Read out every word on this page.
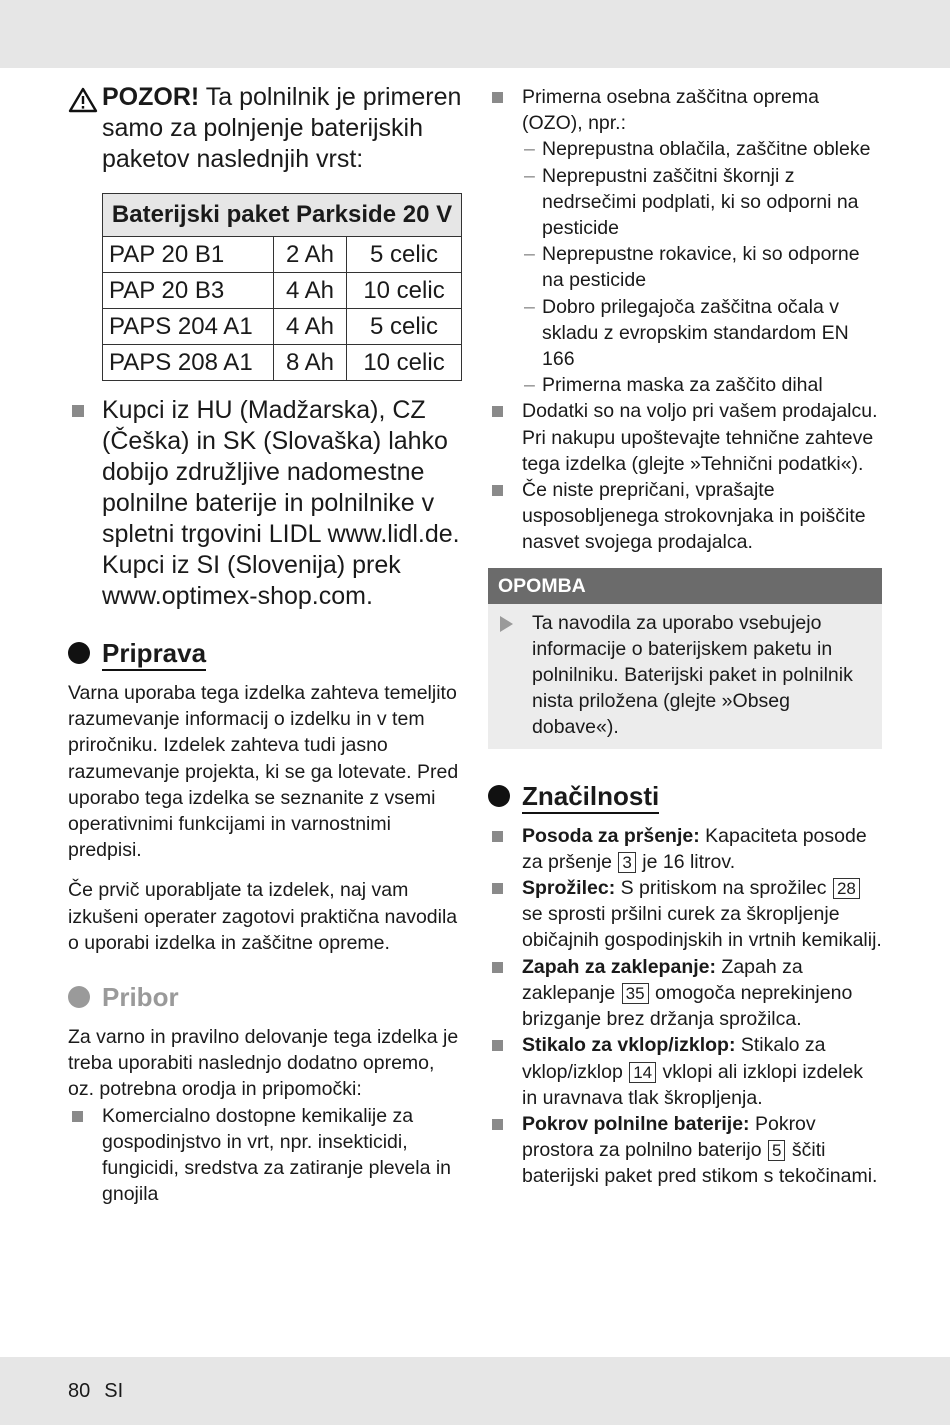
POZOR! Ta polnilnik je primeren samo za polnjenje baterijskih paketov naslednjih vrst:
Baterijski paket Parkside 20 V		
PAP 20 B1	2 Ah	5 celic
PAP 20 B3	4 Ah	10 celic
PAPS 204 A1	4 Ah	5 celic
PAPS 208 A1	8 Ah	10 celic
Kupci iz HU (Madžarska), CZ (Češka) in SK (Slovaška) lahko dobijo združljive nadomestne polnilne baterije in polnilnike v spletni trgovini LIDL www.lidl.de. Kupci iz SI (Slovenija) prek www.optimex-shop.com.
Priprava
Varna uporaba tega izdelka zahteva temeljito razumevanje informacij o izdelku in v tem priročniku. Izdelek zahteva tudi jasno razumevanje projekta, ki se ga lotevate. Pred uporabo tega izdelka se seznanite z vsemi operativnimi funkcijami in varnostnimi predpisi.
Če prvič uporabljate ta izdelek, naj vam izkušeni operater zagotovi praktična navodila o uporabi izdelka in zaščitne opreme.
Pribor
Za varno in pravilno delovanje tega izdelka je treba uporabiti naslednjo dodatno opremo, oz. potrebna orodja in pripomočki:
Komercialno dostopne kemikalije za gospodinjstvo in vrt, npr. insekticidi, fungicidi, sredstva za zatiranje plevela in gnojila
Primerna osebna zaščitna oprema (OZO), npr.:
– Neprepustna oblačila, zaščitne obleke
– Neprepustni zaščitni škornji z nedrsečimi podplati, ki so odporni na pesticide
– Neprepustne rokavice, ki so odporne na pesticide
– Dobro prilegajoča zaščitna očala v skladu z evropskim standardom EN 166
– Primerna maska za zaščito dihal
Dodatki so na voljo pri vašem prodajalcu. Pri nakupu upoštevajte tehnične zahteve tega izdelka (glejte »Tehnični podatki«).
Če niste prepričani, vprašajte usposobljenega strokovnjaka in poiščite nasvet svojega prodajalca.
OPOMBA
Ta navodila za uporabo vsebujejo informacije o baterijskem paketu in polnilniku. Baterijski paket in polnilnik nista priložena (glejte »Obseg dobave«).
Značilnosti
Posoda za pršenje: Kapaciteta posode za pršenje 3 je 16 litrov.
Sprožilec: S pritiskom na sprožilec 28 se sprosti pršilni curek za škropljenje običajnih gospodinjskih in vrtnih kemikalij.
Zapah za zaklepanje: Zapah za zaklepanje 35 omogoča neprekinjeno brizganje brez držanja sprožilca.
Stikalo za vklop/izklop: Stikalo za vklop/izklop 14 vklopi ali izklopi izdelek in uravnava tlak škropljenja.
Pokrov polnilne baterije: Pokrov prostora za polnilno baterijo 5 ščiti baterijski paket pred stikom s tekočinami.
80 SI
